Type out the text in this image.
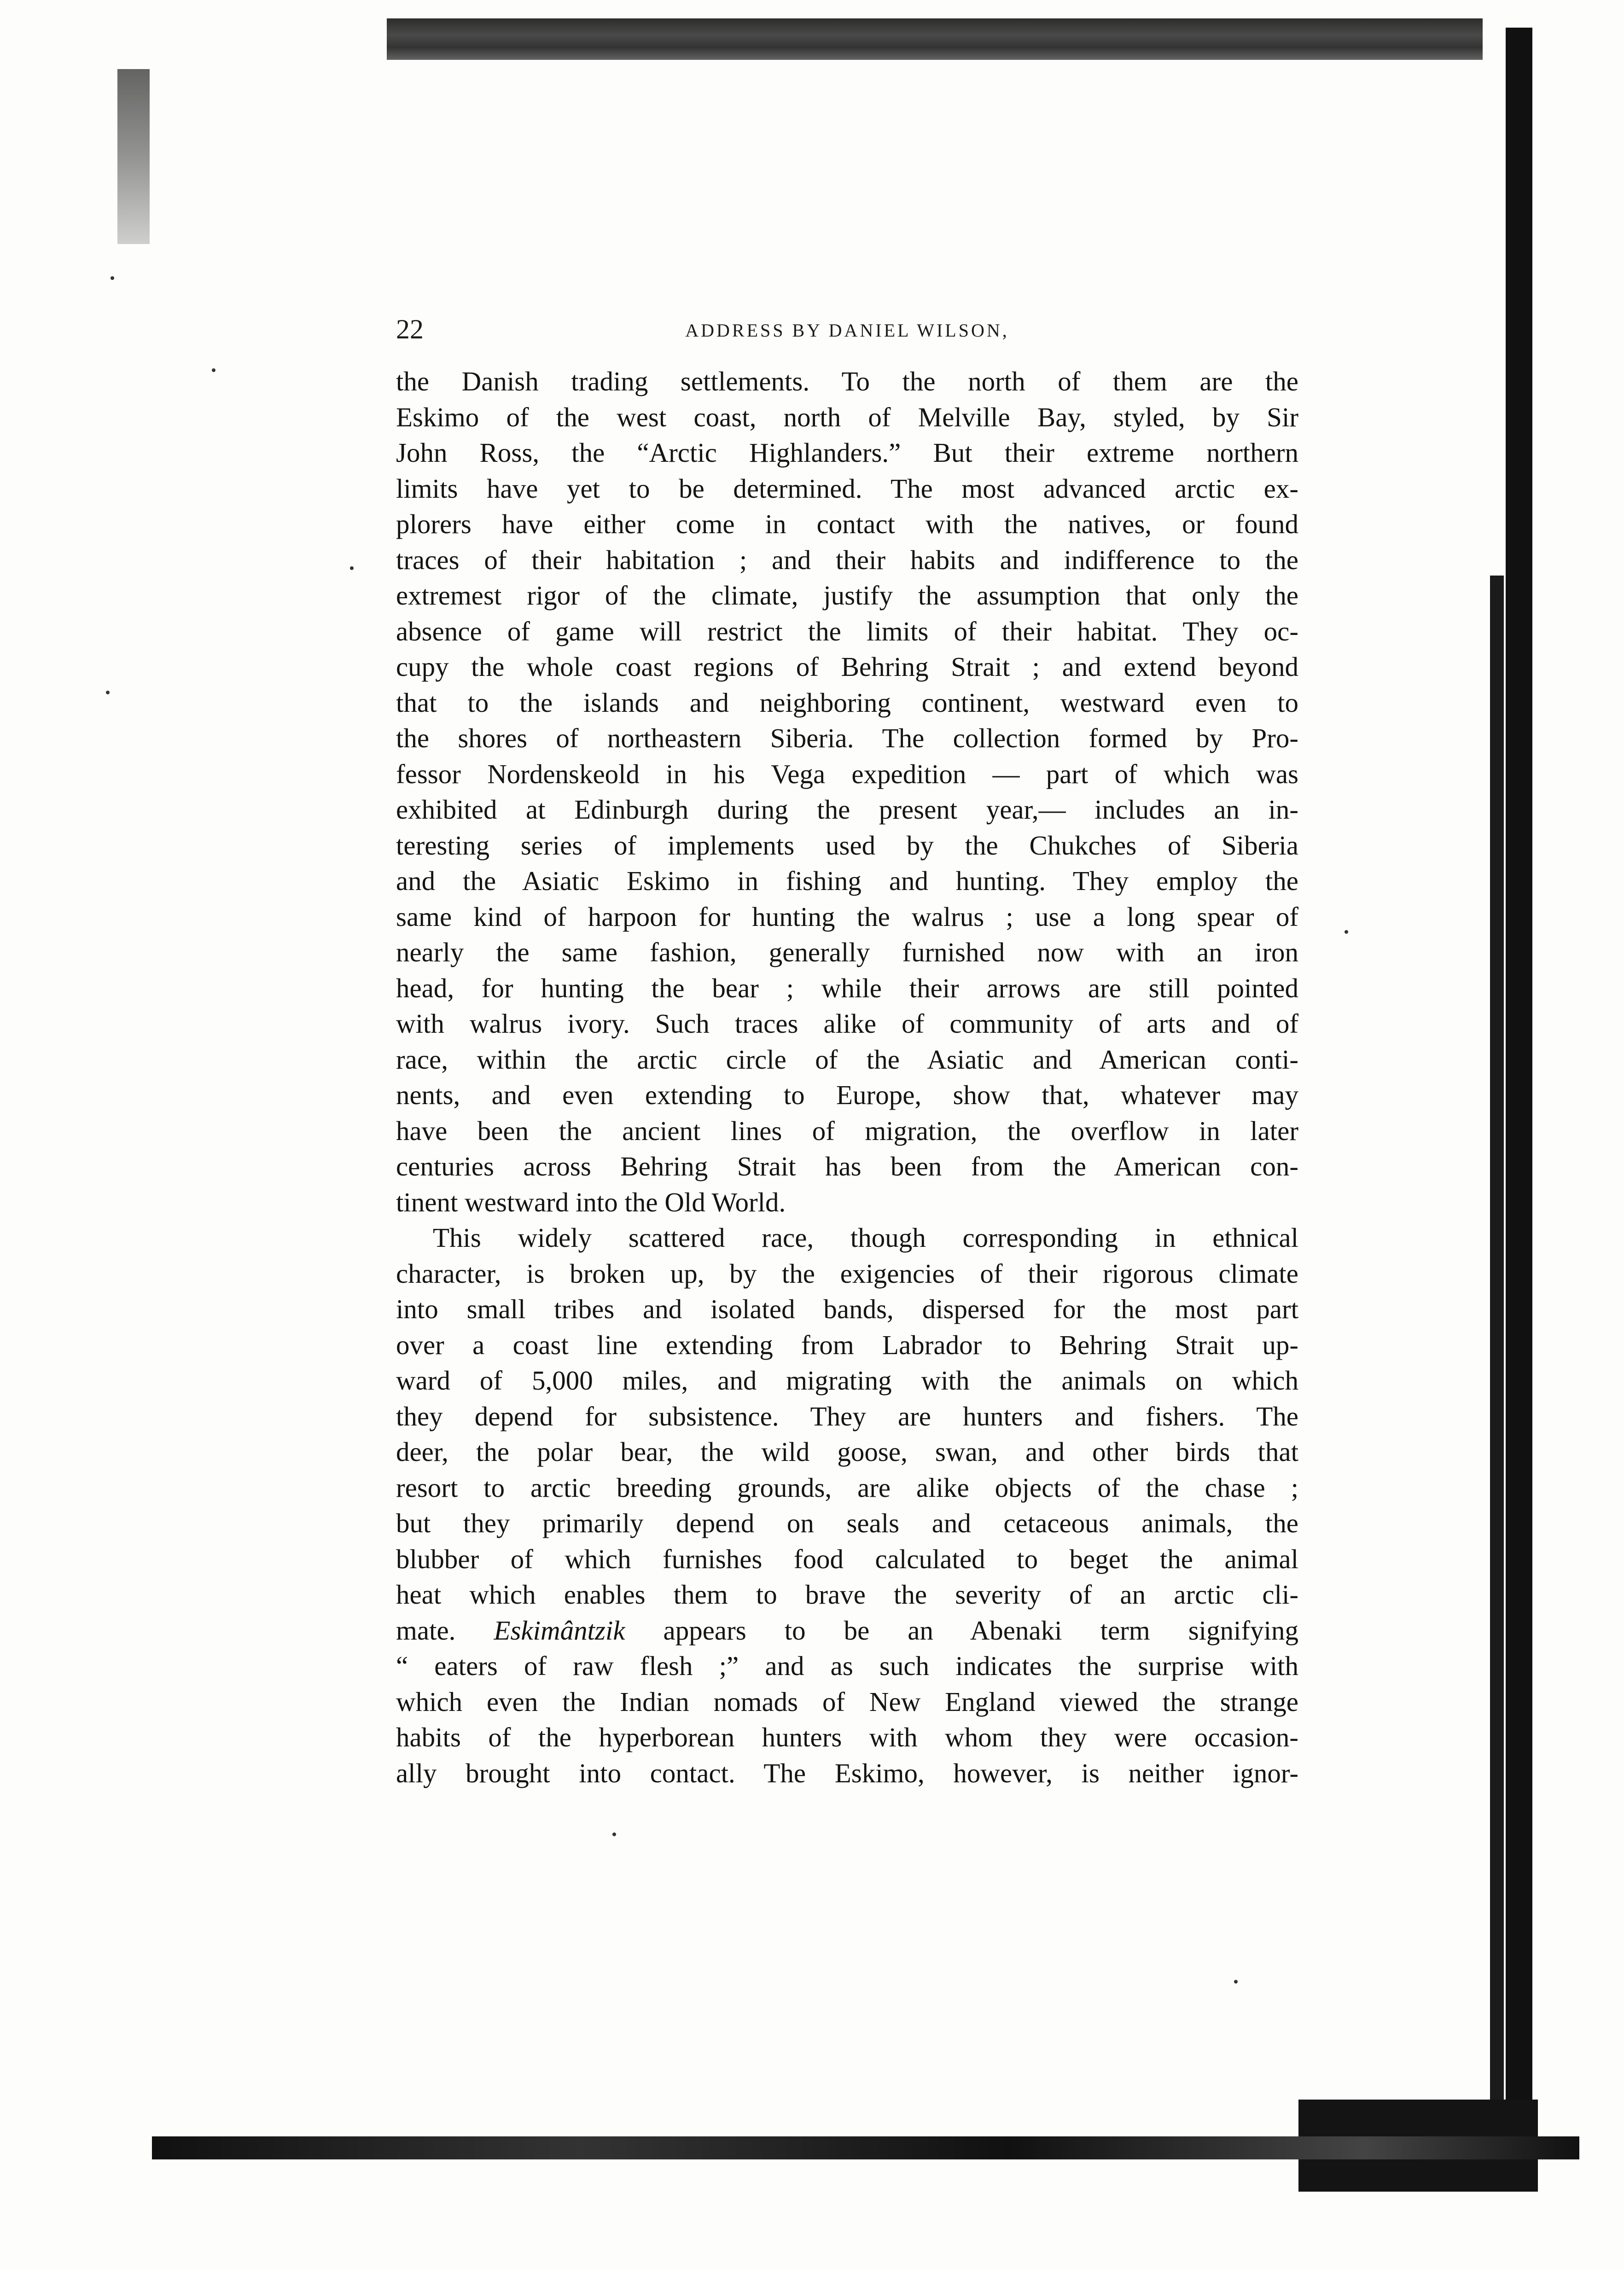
22	ADDRESS BY DANIEL WILSON,
the Danish trading settlements. To the north of them are the
Eskimo of the west coast, north of Melville Bay, styled, by Sir
John Ross, the “Arctic Highlanders.” But their extreme northern
limits have yet to be determined. The most advanced arctic ex-
plorers have either come in contact with the natives, or found
traces of their habitation ; and their habits and indifference to the
extremest rigor of the climate, justify the assumption that only the
absence of game will restrict the limits of their habitat. They oc-
cupy the whole coast regions of Behring Strait ; and extend beyond
that to the islands and neighboring continent, westward even to
the shores of northeastern Siberia. The collection formed by Pro-
fessor Nordenskeold in his Vega expedition — part of which was
exhibited at Edinburgh during the present year,— includes an in-
teresting series of implements used by the Chukches of Siberia
and the Asiatic Eskimo in fishing and hunting. They employ the
same kind of harpoon for hunting the walrus ; use a long spear of
nearly the same fashion, generally furnished now with an iron
head, for hunting the bear ; while their arrows are still pointed
with walrus ivory. Such traces alike of community of arts and of
race, within the arctic circle of the Asiatic and American conti-
nents, and even extending to Europe, show that, whatever may
have been the ancient lines of migration, the overflow in later
centuries across Behring Strait has been from the American con-
tinent westward into the Old World.
This widely scattered race, though corresponding in ethnical
character, is broken up, by the exigencies of their rigorous climate
into small tribes and isolated bands, dispersed for the most part
over a coast line extending from Labrador to Behring Strait up-
ward of 5,000 miles, and migrating with the animals on which
they depend for subsistence. They are hunters and fishers. The
deer, the polar bear, the wild goose, swan, and other birds that
resort to arctic breeding grounds, are alike objects of the chase ;
but they primarily depend on seals and cetaceous animals, the
blubber of which furnishes food calculated to beget the animal
heat which enables them to brave the severity of an arctic cli-
mate. Eskimântzik appears to be an Abenaki term signifying
“ eaters of raw flesh ;” and as such indicates the surprise with
which even the Indian nomads of New England viewed the strange
habits of the hyperborean hunters with whom they were occasion-
ally brought into contact. The Eskimo, however, is neither ignor-
